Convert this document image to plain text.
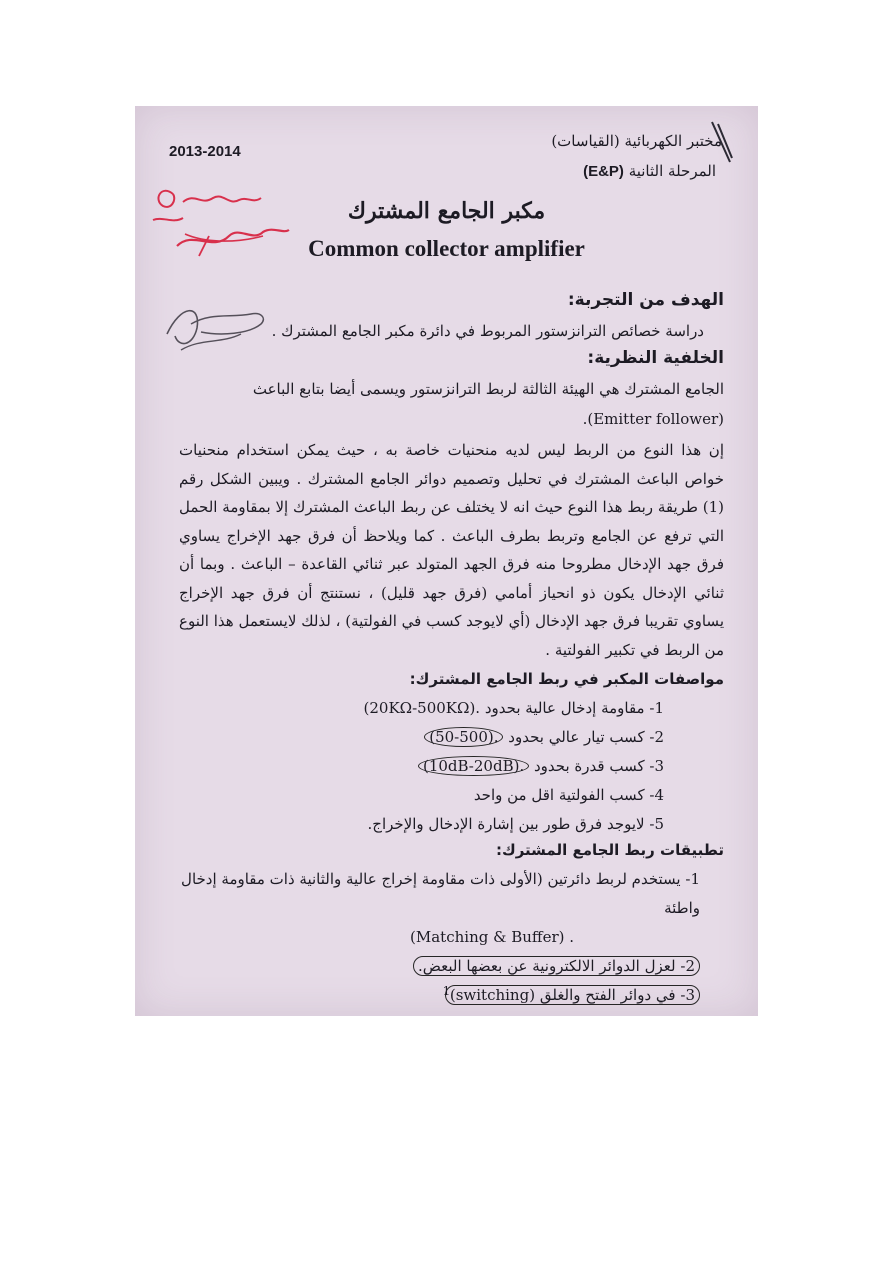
2013-2014
مختبر الكهربائية (القياسات)
المرحلة الثانية (E&P)
مكبر الجامع المشترك
Common collector amplifier
الهدف من التجربة:

دراسة خصائص الترانزستور المربوط في دائرة مكبر الجامع المشترك .

الخلفية النظرية:

الجامع المشترك هي الهيئة الثالثة لربط الترانزستور ويسمى أيضا بتابع الباعث

(Emitter follower).

إن هذا النوع من الربط ليس لديه منحنيات خاصة به ، حيث يمكن استخدام منحنيات خواص الباعث المشترك في تحليل وتصميم دوائر الجامع المشترك . ويبين الشكل رقم (1) طريقة ربط هذا النوع حيث انه لا يختلف عن ربط الباعث المشترك إلا بمقاومة الحمل التي ترفع عن الجامع وتربط بطرف الباعث . كما ويلاحظ أن فرق جهد الإخراج يساوي فرق جهد الإدخال مطروحا منه فرق الجهد المتولد عبر ثنائي القاعدة – الباعث . وبما أن ثنائي الإدخال يكون ذو انحياز أمامي (فرق جهد قليل) ، نستنتج أن فرق جهد الإخراج يساوي تقريبا فرق جهد الإدخال (أي لايوجد كسب في الفولتية) ، لذلك لايستعمل هذا النوع من الربط في تكبير الفولتية .

مواصفات المكبر في ربط الجامع المشترك:
1- مقاومة إدخال عالية بحدود (20KΩ-500KΩ).
2- كسب تيار عالي بحدود (50-500).
3- كسب قدرة بحدود (10dB-20dB).
4- كسب الفولتية اقل من واحد
5- لايوجد فرق طور بين إشارة الإدخال والإخراج.
تطبيقات ربط الجامع المشترك:
1- يستخدم لربط دائرتين (الأولى ذات مقاومة إخراج عالية والثانية ذات مقاومة إدخال واطئة
(Matching & Buffer) .
2- لعزل الدوائر الالكترونية عن بعضها البعض.
3- في دوائر الفتح والغلق (switching)
1
